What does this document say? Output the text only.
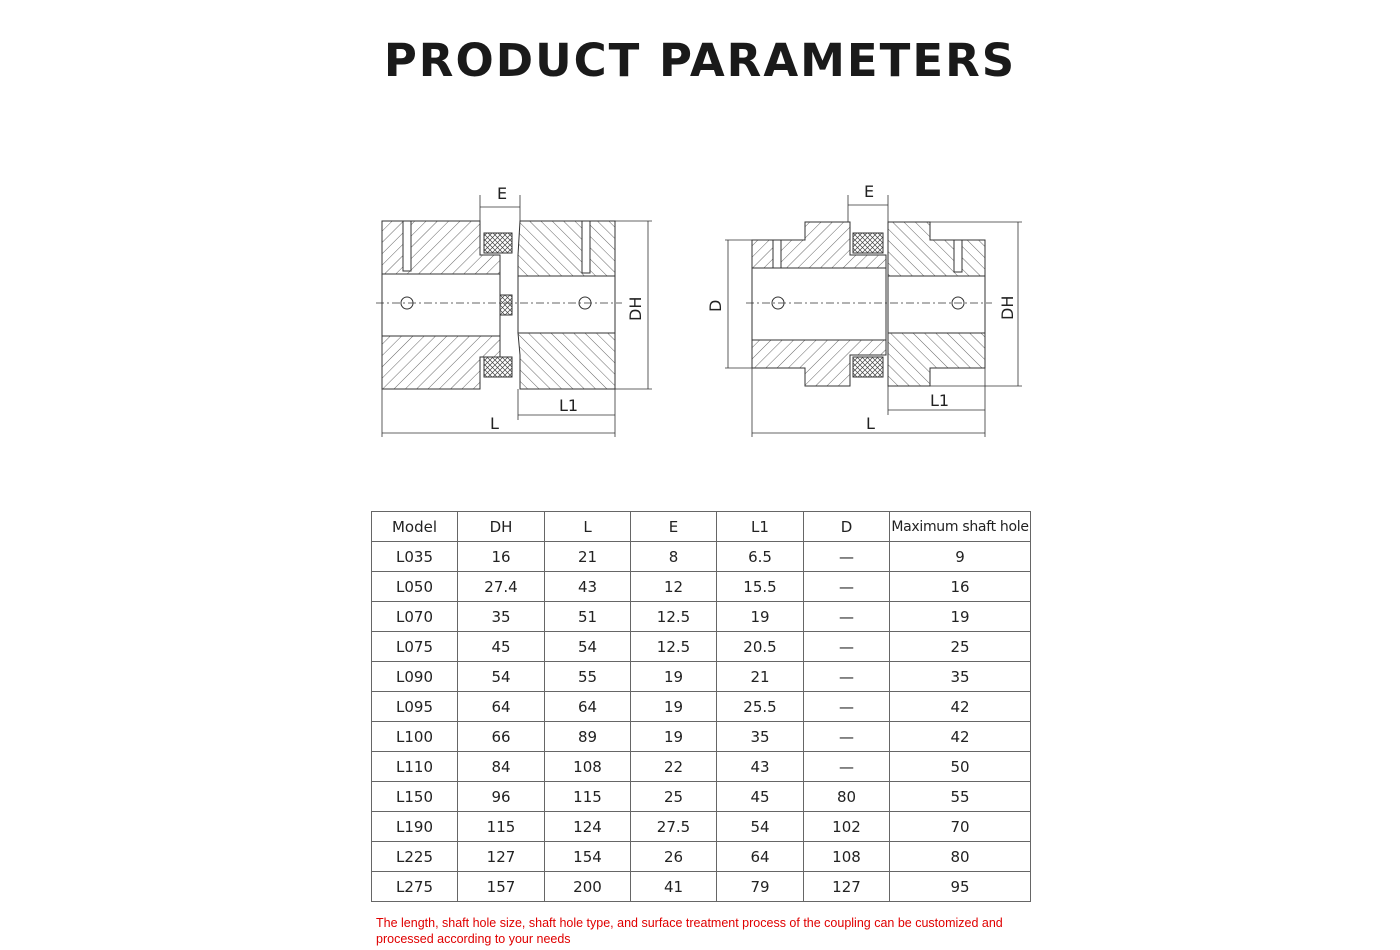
PRODUCT PARAMETERS
E
DH
L1
L
E
D	DH
L1
L
Model	DH	L	E	L1	D	Maximum shaft hole
L035	16	21	8	6.5	—	9
L050	27.4	43	12	15.5	—	16
L070	35	51	12.5	19	—	19
L075	45	54	12.5	20.5	—	25
L090	54	55	19	21	—	35
L095	64	64	19	25.5	—	42
L100	66	89	19	35	—	42
L110	84	108	22	43	—	50
L150	96	115	25	45	80	55
L190	115	124	27.5	54	102	70
L225	127	154	26	64	108	80
L275	157	200	41	79	127	95
The length, shaft hole size, shaft hole type, and surface treatment process of the coupling can be customized and processed according to your needs
